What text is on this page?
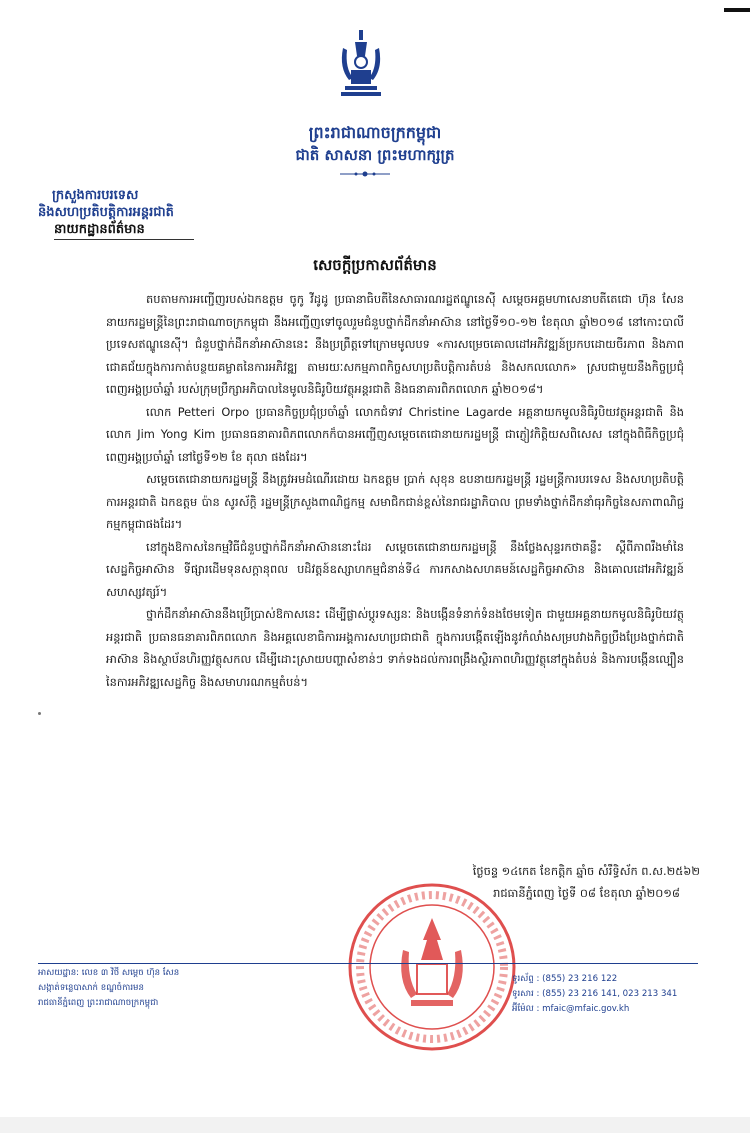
ព្រះរាជាណាចក្រកម្ពុជា
ជាតិ សាសនា ព្រះមហាក្សត្រ
ក្រសួងការបរទេស
និងសហប្រតិបត្តិការអន្តរជាតិ
នាយកដ្ឋានព័ត៌មាន
សេចក្តីប្រកាសព័ត៌មាន

តបតាមការអញ្ជើញរបស់ឯកឧត្តម ចូកូ វីដូដូ ប្រធានាធិបតីនៃសាធារណរដ្ឋឥណ្ឌូនេស៊ី សម្តេចអគ្គមហាសេនាបតីតេជោ ហ៊ុន សែន នាយករដ្ឋមន្ត្រីនៃព្រះរាជាណាចក្រកម្ពុជា នឹងអញ្ជើញទៅចូលរួមជំនួបថ្នាក់ដឹកនាំអាស៊ាន នៅថ្ងៃទី១០-១២ ខែតុលា ឆ្នាំ២០១៨ នៅកោះបាលី ប្រទេសឥណ្ឌូនេស៊ី។ ជំនួបថ្នាក់ដឹកនាំអាស៊ាននេះ នឹងប្រព្រឹត្តទៅក្រោមមូលបទ «ការសម្រេចគោលដៅអភិវឌ្ឍន៍ប្រកបដោយចីរភាព និងភាពជោគជ័យក្នុងការកាត់បន្ថយគម្លាតនៃការអភិវឌ្ឍ តាមរយៈសកម្មភាពកិច្ចសហប្រតិបត្តិការតំបន់ និងសកលលោក» ស្របជាមួយនឹងកិច្ចប្រជុំពេញអង្គប្រចាំឆ្នាំ របស់ក្រុមប្រឹក្សាអភិបាលនៃមូលនិធិរូបិយវត្ថុអន្តរជាតិ និងធនាគារពិភពលោក ឆ្នាំ២០១៨។

លោក Petteri Orpo ប្រធានកិច្ចប្រជុំប្រចាំឆ្នាំ លោកជំទាវ Christine Lagarde អគ្គនាយកមូលនិធិរូបិយវត្ថុអន្តរជាតិ និងលោក Jim Yong Kim ប្រធានធនាគារពិភពលោកក៏បានអញ្ជើញសម្តេចតេជោនាយករដ្ឋមន្ត្រី ជាភ្ញៀវកិត្តិយសពិសេស នៅក្នុងពិធីកិច្ចប្រជុំពេញអង្គប្រចាំឆ្នាំ នៅថ្ងៃទី១២ ខែ តុលា ផងដែរ។

សម្តេចតេជោនាយករដ្ឋមន្ត្រី នឹងត្រូវអមដំណើរដោយ ឯកឧត្តម ប្រាក់ សុខុន ឧបនាយករដ្ឋមន្ត្រី រដ្ឋមន្ត្រីការបរទេស និងសហប្រតិបត្តិការអន្តរជាតិ ឯកឧត្តម ប៉ាន សូរស័ក្តិ រដ្ឋមន្ត្រីក្រសួងពាណិជ្ជកម្ម សមាជិកជាន់ខ្ពស់នៃរាជរដ្ឋាភិបាល ព្រមទាំងថ្នាក់ដឹកនាំធុរកិច្ចនៃសភាពាណិជ្ជកម្មកម្ពុជាផងដែរ។

នៅក្នុងឱកាសនៃកម្មវិធីជំនួបថ្នាក់ដឹកនាំអាស៊ាននោះដែរ សម្តេចតេជោនាយករដ្ឋមន្ត្រី នឹងថ្លែងសុន្ទរកថាគន្លឹះ ស្តីពីភាពរឹងមាំនៃសេដ្ឋកិច្ចអាស៊ាន ទីផ្សារដើមទុនសក្តានុពល បដិវត្តន៍ឧស្សាហកម្មជំនាន់ទី៤ ការកសាងសហគមន៍សេដ្ឋកិច្ចអាស៊ាន និងគោលដៅអភិវឌ្ឍន៍សហស្សវត្សរ៍។

ថ្នាក់ដឹកនាំអាស៊ាននឹងប្រើប្រាស់ឱកាសនេះ ដើម្បីផ្លាស់ប្តូរទស្សនៈ និងបង្កើនទំនាក់ទំនងថែមទៀត ជាមួយអគ្គនាយកមូលនិធិរូបិយវត្ថុអន្តរជាតិ ប្រធានធនាគារពិភពលោក និងអគ្គលេខាធិការអង្គការសហប្រជាជាតិ ក្នុងការបង្កើតឡើងនូវកំលាំងសម្របវាងកិច្ចប្រឹងប្រែងថ្នាក់ជាតិ អាស៊ាន និងស្ថាប័នហិរញ្ញវត្ថុសកល ដើម្បីដោះស្រាយបញ្ហាសំខាន់ៗ ទាក់ទងដល់ការពង្រឹងស្ថិរភាពហិរញ្ញវត្ថុនៅក្នុងតំបន់ និងការបង្កើនល្បឿននៃការអភិវឌ្ឍសេដ្ឋកិច្ច និងសមាហរណកម្មតំបន់។

ថ្ងៃចន្ទ ១៤កេត ខែកត្តិក ឆ្នាំច សំរឹទ្ធិស័ក ព.ស.២៥៦២
រាជធានីភ្នំពេញ ថ្ងៃទី ០៨ ខែតុលា ឆ្នាំ២០១៨
អាសយដ្ឋាន: លេខ ៣ វិថី សម្តេច ហ៊ុន សែន
សង្កាត់ទន្លេបាសាក់ ខណ្ឌចំការមន
រាជធានីភ្នំពេញ ព្រះរាជាណាចក្រកម្ពុជា
ទូរស័ព្ទ : (855) 23 216 122
ទូរសារ : (855) 23 216 141, 023 213 341
អ៊ីម៉ែល : mfaic@mfaic.gov.kh
